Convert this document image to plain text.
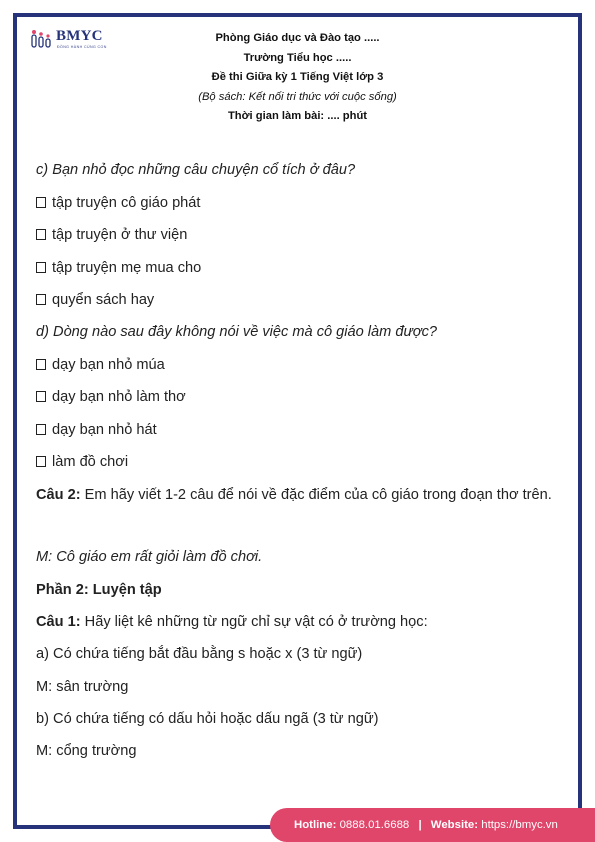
BMYC
ĐỒNG HÀNH CÙNG CON
Phòng Giáo dục và Đào tạo .....
Trường Tiểu học .....
Đề thi Giữa kỳ 1 Tiếng Việt lớp 3
(Bộ sách: Kết nối tri thức với cuộc sống)
Thời gian làm bài: .... phút

c) Bạn nhỏ đọc những câu chuyện cổ tích ở đâu?

tập truyện cô giáo phát

tập truyện ở thư viện

tập truyện mẹ mua cho

quyển sách hay

d) Dòng nào sau đây không nói về việc mà cô giáo làm được?

dạy bạn nhỏ múa

dạy bạn nhỏ làm thơ

dạy bạn nhỏ hát

làm đồ chơi

Câu 2: Em hãy viết 1-2 câu để nói về đặc điểm của cô giáo trong đoạn thơ trên.

M: Cô giáo em rất giỏi làm đồ chơi.

Phần 2: Luyện tập

Câu 1: Hãy liệt kê những từ ngữ chỉ sự vật có ở trường học:

a) Có chứa tiếng bắt đầu bằng s hoặc x (3 từ ngữ)

M: sân trường

b) Có chứa tiếng có dấu hỏi hoặc dấu ngã (3 từ ngữ)

M: cổng trường

Hotline: 0888.01.6688 | Website: https://bmyc.vn
